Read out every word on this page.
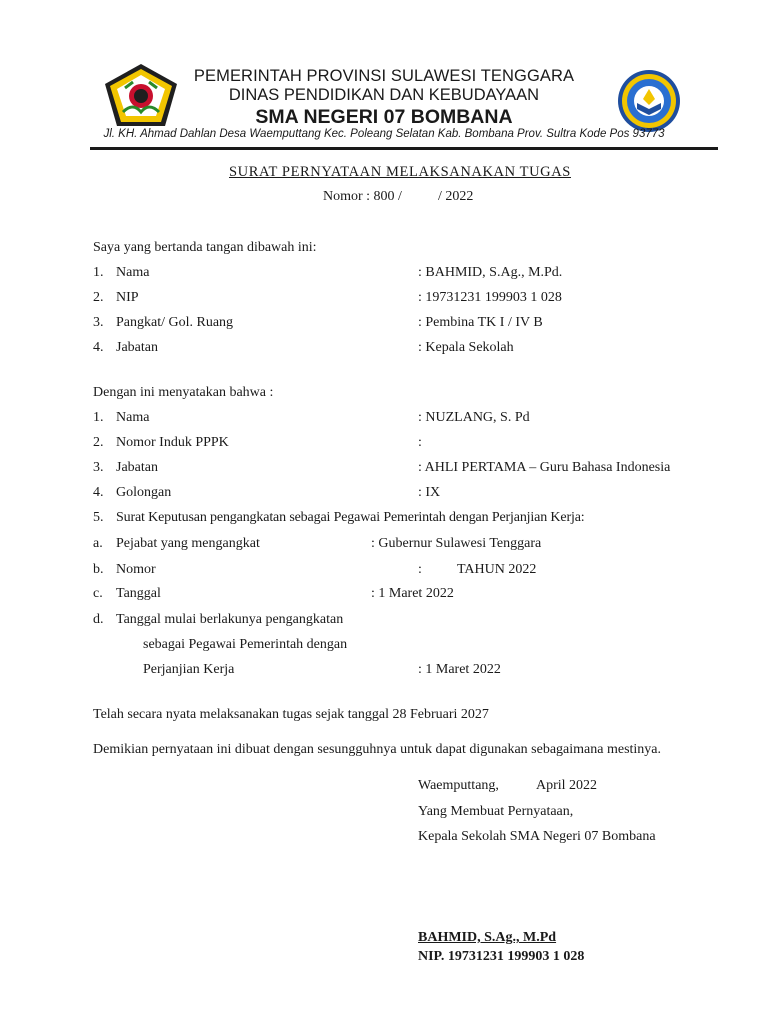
PEMERINTAH PROVINSI SULAWESI TENGGARA
DINAS PENDIDIKAN DAN KEBUDAYAAN
SMA NEGERI 07 BOMBANA
Jl. KH. Ahmad Dahlan Desa Waemputtang Kec. Poleang Selatan Kab. Bombana Prov. Sultra Kode Pos 93773
SURAT PERNYATAAN MELAKSANAKAN TUGAS
Nomor : 800 /	/ 2022
Saya yang bertanda tangan dibawah ini:
1. Nama	: BAHMID, S.Ag., M.Pd.
2. NIP	: 19731231 199903 1 028
3. Pangkat/ Gol. Ruang	: Pembina TK I / IV B
4. Jabatan	: Kepala Sekolah
Dengan ini menyatakan bahwa :
1. Nama	: NUZLANG, S. Pd
2. Nomor Induk PPPK	:
3. Jabatan	: AHLI PERTAMA – Guru Bahasa Indonesia
4. Golongan	: IX
5. Surat Keputusan pengangkatan sebagai Pegawai Pemerintah dengan Perjanjian Kerja:
a. Pejabat yang mengangkat	: Gubernur Sulawesi Tenggara
b. Nomor	:	TAHUN 2022
c. Tanggal	: 1 Maret 2022
d. Tanggal mulai berlakunya pengangkatan
sebagai Pegawai Pemerintah dengan
Perjanjian Kerja	: 1 Maret 2022
Telah secara nyata melaksanakan tugas sejak tanggal 28 Februari 2027
Demikian pernyataan ini dibuat dengan sesungguhnya untuk dapat digunakan sebagaimana mestinya.
Waemputtang,	April 2022
Yang Membuat Pernyataan,
Kepala Sekolah SMA Negeri 07 Bombana
BAHMID, S.Ag., M.Pd
NIP. 19731231 199903 1 028
